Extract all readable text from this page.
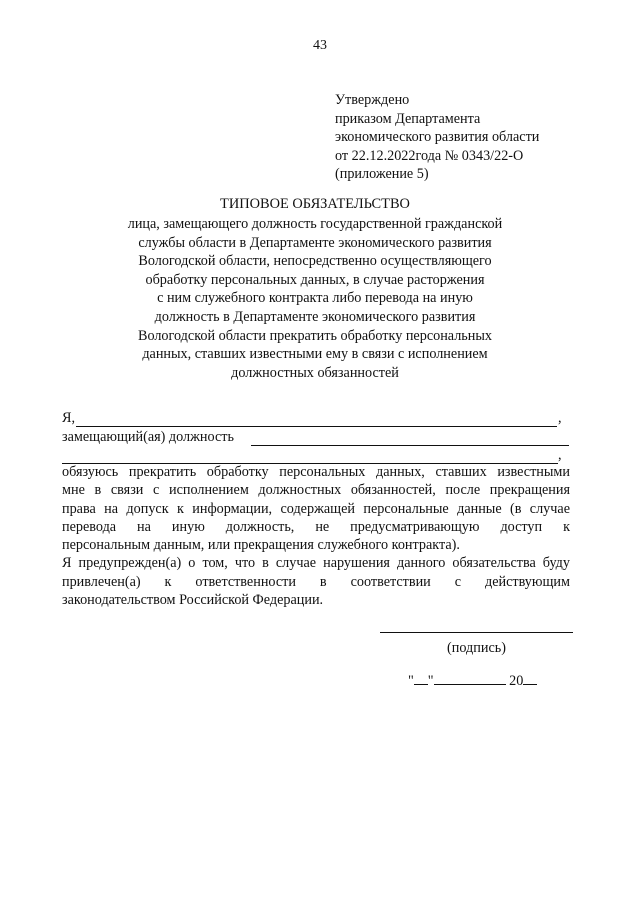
43
Утверждено
приказом Департамента
экономического развития области
от 22.12.2022года № 0343/22-О
(приложение 5)
ТИПОВОЕ ОБЯЗАТЕЛЬСТВО
лица, замещающего должность государственной гражданской
службы области в Департаменте экономического развития
Вологодской области, непосредственно осуществляющего
обработку персональных данных, в случае расторжения
с ним служебного контракта либо перевода на иную
должность в Департаменте экономического развития
Вологодской области прекратить обработку персональных
данных, ставших известными ему в связи с исполнением
должностных обязанностей
Я,	,
замещающий(ая) должность
,
обязуюсь прекратить обработку персональных данных, ставших известными
мне в связи с исполнением должностных обязанностей, после прекращения
права на допуск к информации, содержащей персональные данные (в случае
перевода на иную должность, не предусматривающую доступ к
персональным данным, или прекращения служебного контракта).
Я предупрежден(а) о том, что в случае нарушения данного обязательства буду
привлечен(а) к ответственности в соответствии с действующим
законодательством Российской Федерации.
(подпись)
" "	20
